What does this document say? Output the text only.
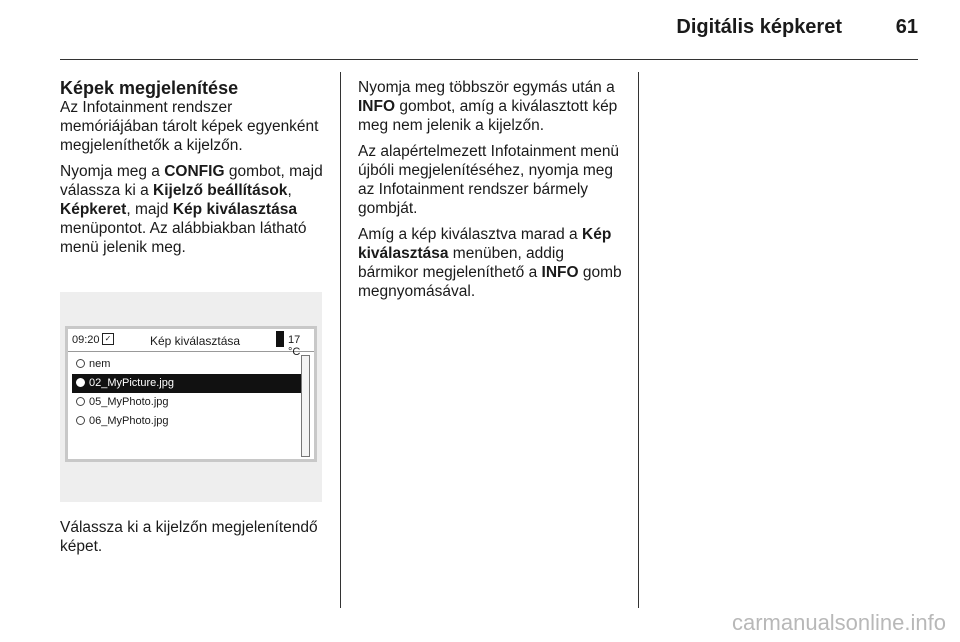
Digitális képkeret	61
Képek megjelenítése

Az Infotainment rendszer memóriájában tárolt képek egyenként megjeleníthetők a kijelzőn.

Nyomja meg a CONFIG gombot, majd válassza ki a Kijelző beállítások, Képkeret, majd Kép kiválasztása menüpontot. Az alábbiakban látható menü jelenik meg.

09:20 ✓	Kép kiválasztása	17 °C
nem
02_MyPicture.jpg
05_MyPhoto.jpg
06_MyPhoto.jpg

Válassza ki a kijelzőn megjelenítendő képet.

Nyomja meg többször egymás után a INFO gombot, amíg a kiválasztott kép meg nem jelenik a kijelzőn.

Az alapértelmezett Infotainment menü újbóli megjelenítéséhez, nyomja meg az Infotainment rendszer bármely gombját.

Amíg a kép kiválasztva marad a Kép kiválasztása menüben, addig bármikor megjeleníthető a INFO gomb megnyomásával.

carmanualsonline.info
